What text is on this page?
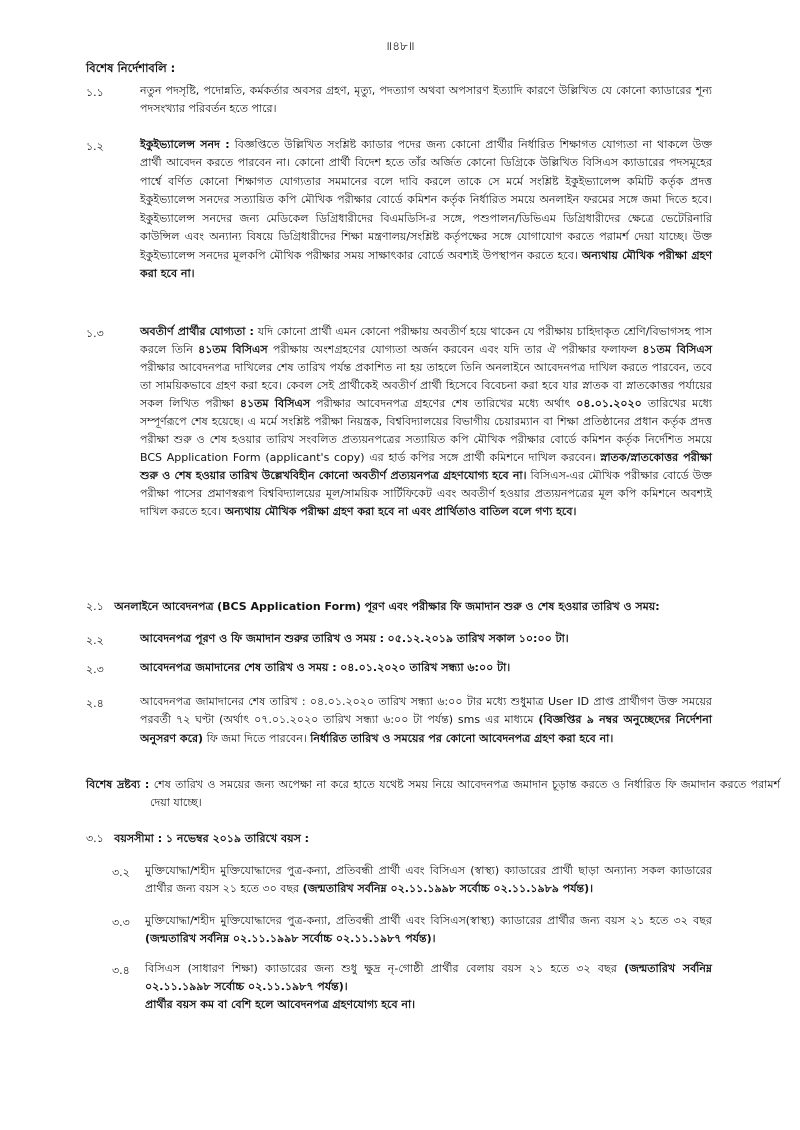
॥৪৮॥
বিশেষ নির্দেশাবলি :
১.১	নতুন পদসৃষ্টি, পদোন্নতি, কর্মকর্তার অবসর গ্রহণ, মৃত্যু, পদত্যাগ অথবা অপসারণ ইত্যাদি কারণে উল্লিখিত যে কোনো ক্যাডারের শূন্য পদসংখ্যার পরিবর্তন হতে পারে।
১.২	ইকুইভ্যালেন্স সনদ : বিজ্ঞপ্তিতে উল্লিখিত সংশ্লিষ্ট ক্যাডার পদের জন্য কোনো প্রার্থীর নির্ধারিত শিক্ষাগত যোগ্যতা না থাকলে উক্ত প্রার্থী আবেদন করতে পারবেন না। কোনো প্রার্থী বিদেশ হতে তাঁর অর্জিত কোনো ডিগ্রিকে উল্লিখিত বিসিএস ক্যাডারের পদসমূহের পার্শ্বে বর্ণিত কোনো শিক্ষাগত যোগ্যতার সমমানের বলে দাবি করলে তাকে সে মর্মে সংশ্লিষ্ট ইকুইভ্যালেন্স কমিটি কর্তৃক প্রদত্ত ইকুইভ্যালেন্স সনদের সত্যায়িত কপি মৌখিক পরীক্ষার বোর্ডে কমিশন কর্তৃক নির্ধারিত সময়ে অনলাইন ফরমের সঙ্গে জমা দিতে হবে। ইকুইভ্যালেন্স সনদের জন্য মেডিকেল ডিগ্রিধারীদের বিএমডিসি-র সঙ্গে, পশুপালন/ডিভিএম ডিগ্রিধারীদের ক্ষেত্রে ভেটেরিনারি কাউন্সিল এবং অন্যান্য বিষয়ে ডিগ্রিধারীদের শিক্ষা মন্ত্রণালয়/সংশ্লিষ্ট কর্তৃপক্ষের সঙ্গে যোগাযোগ করতে পরামর্শ দেয়া যাচ্ছে। উক্ত ইকুইভ্যালেন্স সনদের মূলকপি মৌখিক পরীক্ষার সময় সাক্ষাৎকার বোর্ডে অবশ্যই উপস্থাপন করতে হবে। অন্যথায় মৌখিক পরীক্ষা গ্রহণ করা হবে না।
১.৩	অবতীর্ণ প্রার্থীর যোগ্যতা : যদি কোনো প্রার্থী এমন কোনো পরীক্ষায় অবতীর্ণ হয়ে থাকেন যে পরীক্ষায় চাহিদাকৃত শ্রেণি/বিভাগসহ পাস করলে তিনি ৪১তম বিসিএস পরীক্ষায় অংশগ্রহণের যোগ্যতা অর্জন করবেন এবং যদি তার ঐ পরীক্ষার ফলাফল ৪১তম বিসিএস পরীক্ষার আবেদনপত্র দাখিলের শেষ তারিখ পর্যন্ত প্রকাশিত না হয় তাহলে তিনি অনলাইনে আবেদনপত্র দাখিল করতে পারবেন, তবে তা সাময়িকভাবে গ্রহণ করা হবে। কেবল সেই প্রার্থীকেই অবতীর্ণ প্রার্থী হিসেবে বিবেচনা করা হবে যার স্নাতক বা স্নাতকোত্তর পর্যায়ের সকল লিখিত পরীক্ষা ৪১তম বিসিএস পরীক্ষার আবেদনপত্র গ্রহণের শেষ তারিখের মধ্যে অর্থাৎ ০৪.০১.২০২০ তারিখের মধ্যে সম্পূর্ণরূপে শেষ হয়েছে। এ মর্মে সংশ্লিষ্ট পরীক্ষা নিয়ন্ত্রক, বিশ্ববিদ্যালয়ের বিভাগীয় চেয়ারম্যান বা শিক্ষা প্রতিষ্ঠানের প্রধান কর্তৃক প্রদত্ত পরীক্ষা শুরু ও শেষ হওয়ার তারিখ সংবলিত প্রত্যয়নপত্রের সত্যায়িত কপি মৌখিক পরীক্ষার বোর্ডে কমিশন কর্তৃক নির্দেশিত সময়ে BCS Application Form (applicant's copy) এর হার্ড কপির সঙ্গে প্রার্থী কমিশনে দাখিল করবেন। স্নাতক/স্নাতকোত্তর পরীক্ষা শুরু ও শেষ হওয়ার তারিখ উল্লেখবিহীন কোনো অবতীর্ণ প্রত্যয়নপত্র গ্রহণযোগ্য হবে না। বিসিএস-এর মৌখিক পরীক্ষার বোর্ডে উক্ত পরীক্ষা পাসের প্রমাণস্বরূপ বিশ্ববিদ্যালয়ের মূল/সাময়িক সার্টিফিকেট এবং অবতীর্ণ হওয়ার প্রত্যয়নপত্রের মূল কপি কমিশনে অবশ্যই দাখিল করতে হবে। অন্যথায় মৌখিক পরীক্ষা গ্রহণ করা হবে না এবং প্রার্থিতাও বাতিল বলে গণ্য হবে।
২.১ অনলাইনে আবেদনপত্র (BCS Application Form) পূরণ এবং পরীক্ষার ফি জমাদান শুরু ও শেষ হওয়ার তারিখ ও সময়:
২.২	আবেদনপত্র পূরণ ও ফি জমাদান শুরুর তারিখ ও সময় : ০৫.১২.২০১৯ তারিখ সকাল ১০:০০ টা।
২.৩	আবেদনপত্র জমাদানের শেষ তারিখ ও সময় : ০৪.০১.২০২০ তারিখ সন্ধ্যা ৬:০০ টা।
২.৪	আবেদনপত্র জামাদানের শেষ তারিখ : ০৪.০১.২০২০ তারিখ সন্ধ্যা ৬:০০ টার মধ্যে শুধুমাত্র User ID প্রাপ্ত প্রার্থীগণ উক্ত সময়ের পরবর্তী ৭২ ঘণ্টা (অর্থাৎ ০৭.০১.২০২০ তারিখ সন্ধ্যা ৬:০০ টা পর্যন্ত) sms এর মাধ্যমে (বিজ্ঞপ্তির ৯ নম্বর অনুচ্ছেদের নির্দেশনা অনুসরণ করে) ফি জমা দিতে পারবেন। নির্ধারিত তারিখ ও সময়ের পর কোনো আবেদনপত্র গ্রহণ করা হবে না।
বিশেষ দ্রষ্টব্য : শেষ তারিখ ও সময়ের জন্য অপেক্ষা না করে হাতে যথেষ্ট সময় নিয়ে আবেদনপত্র জমাদান চূড়ান্ত করতে ও নির্ধারিত ফি জমাদান করতে পরামর্শ দেয়া যাচ্ছে।
৩.১ বয়সসীমা : ১ নভেম্বর ২০১৯ তারিখে বয়স :
৩.২ মুক্তিযোদ্ধা/শহীদ মুক্তিযোদ্ধাদের পুত্র-কন্যা, প্রতিবন্ধী প্রার্থী এবং বিসিএস (স্বাস্থ্য) ক্যাডারের প্রার্থী ছাড়া অন্যান্য সকল ক্যাডারের প্রার্থীর জন্য বয়স ২১ হতে ৩০ বছর (জন্মতারিখ সর্বনিম্ন ০২.১১.১৯৯৮ সর্বোচ্চ ০২.১১.১৯৮৯ পর্যন্ত)।
৩.৩ মুক্তিযোদ্ধা/শহীদ মুক্তিযোদ্ধাদের পুত্র-কন্যা, প্রতিবন্ধী প্রার্থী এবং বিসিএস(স্বাস্থ্য) ক্যাডারের প্রার্থীর জন্য বয়স ২১ হতে ৩২ বছর (জন্মতারিখ সর্বনিম্ন ০২.১১.১৯৯৮ সর্বোচ্চ ০২.১১.১৯৮৭ পর্যন্ত)।
৩.৪ বিসিএস (সাধারণ শিক্ষা) ক্যাডারের জন্য শুধু ক্ষুদ্র নৃ-গোষ্ঠী প্রার্থীর বেলায় বয়স ২১ হতে ৩২ বছর (জন্মতারিখ সর্বনিম্ন ০২.১১.১৯৯৮ সর্বোচ্চ ০২.১১.১৯৮৭ পর্যন্ত)।
প্রার্থীর বয়স কম বা বেশি হলে আবেদনপত্র গ্রহণযোগ্য হবে না।
